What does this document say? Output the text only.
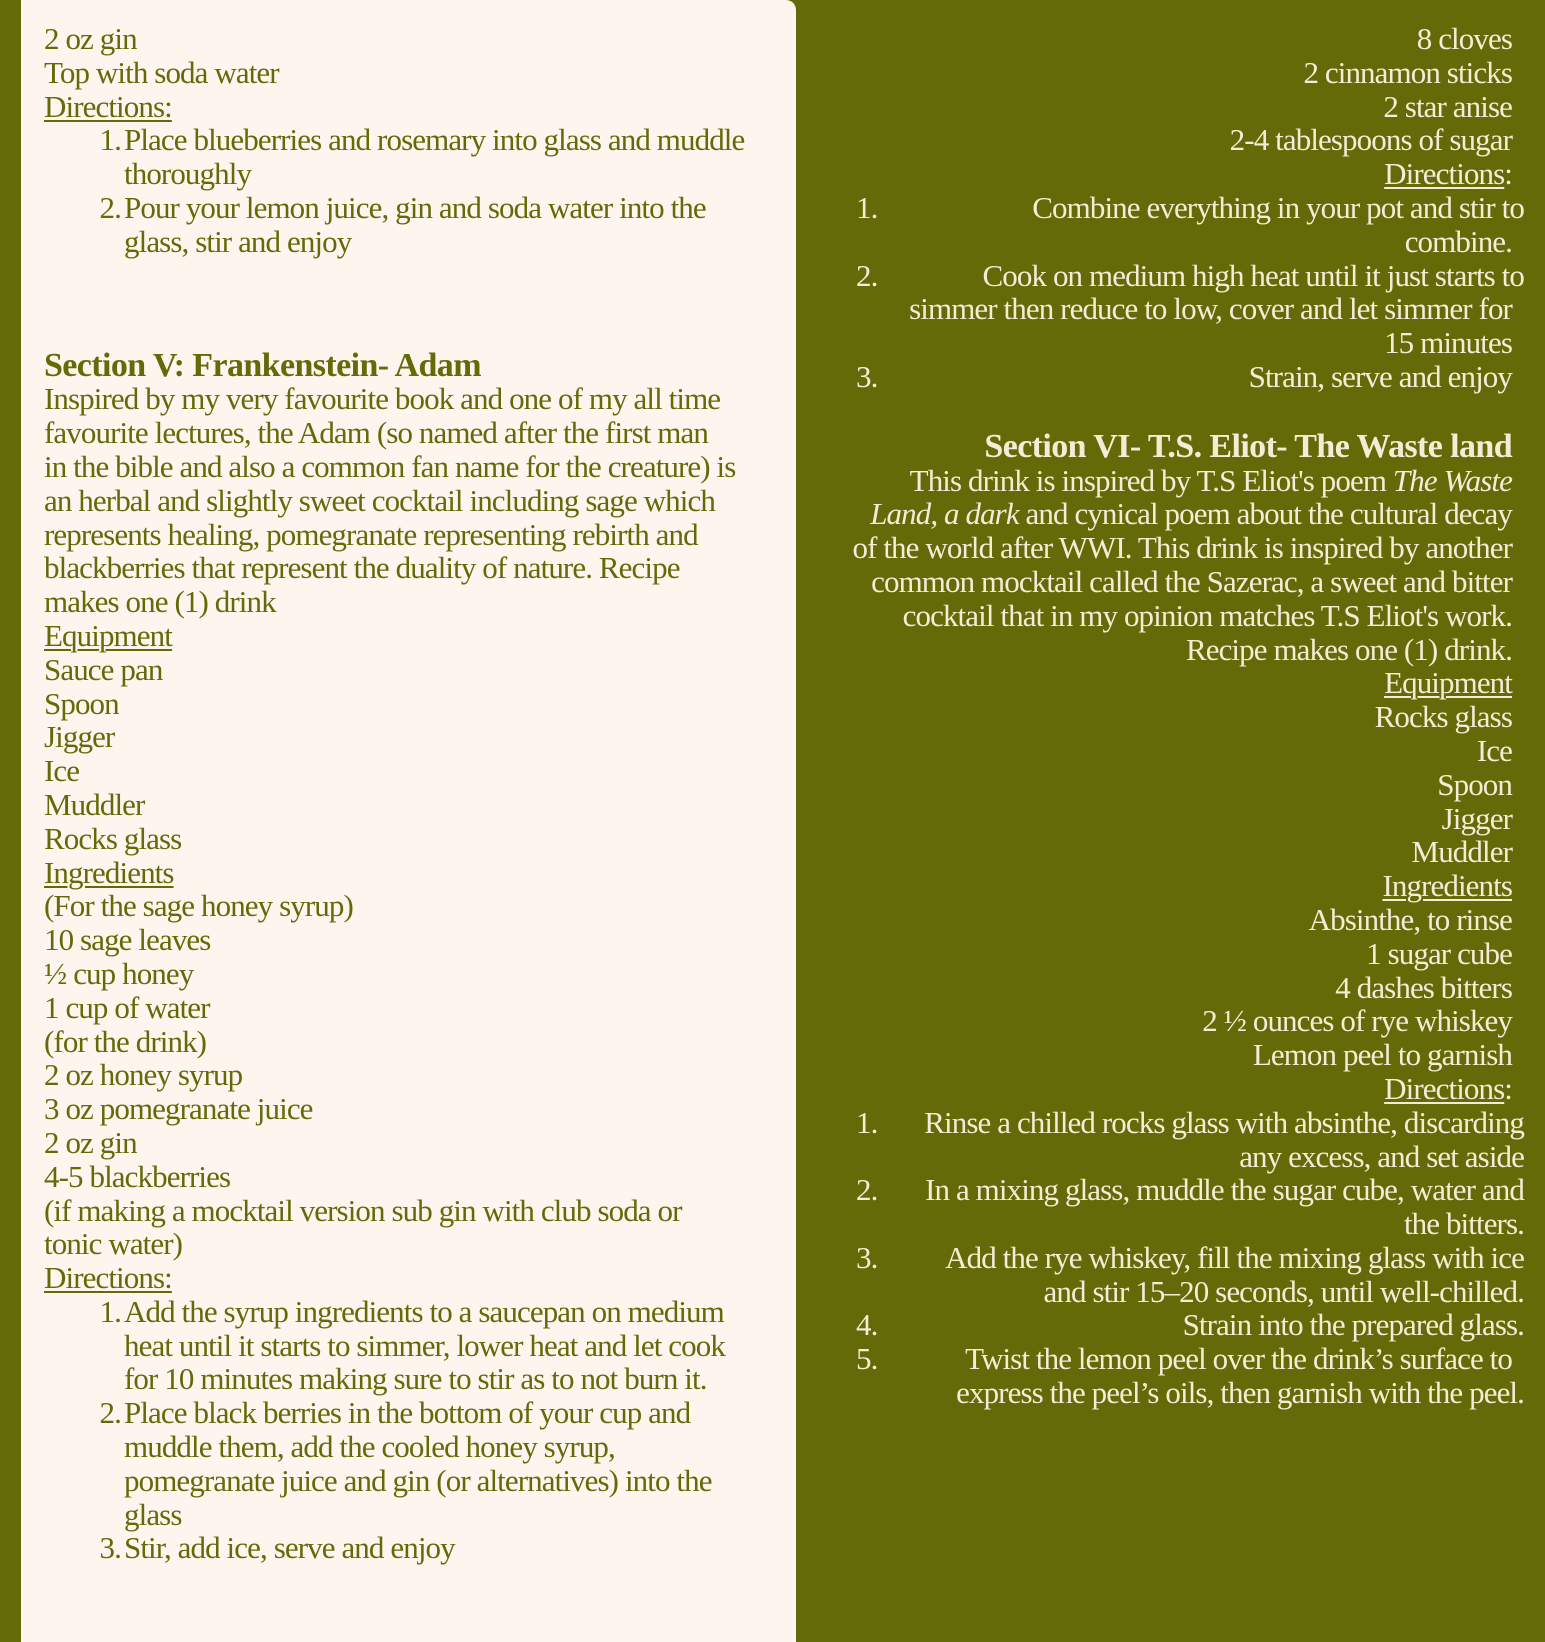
2 oz gin
Top with soda water
Directions:
1. Place blueberries and rosemary into glass and muddle
thoroughly
2. Pour your lemon juice, gin and soda water into the
glass, stir and enjoy
Section V: Frankenstein- Adam
Inspired by my very favourite book and one of my all time
favourite lectures, the Adam (so named after the first man
in the bible and also a common fan name for the creature) is
an herbal and slightly sweet cocktail including sage which
represents healing, pomegranate representing rebirth and
blackberries that represent the duality of nature. Recipe
makes one (1) drink
Equipment
Sauce pan
Spoon
Jigger
Ice
Muddler
Rocks glass
Ingredients
(For the sage honey syrup)
10 sage leaves
½ cup honey
1 cup of water
(for the drink)
2 oz honey syrup
3 oz pomegranate juice
2 oz gin
4-5 blackberries
(if making a mocktail version sub gin with club soda or
tonic water)
Directions:
1. Add the syrup ingredients to a saucepan on medium
heat until it starts to simmer, lower heat and let cook
for 10 minutes making sure to stir as to not burn it.
2. Place black berries in the bottom of your cup and
muddle them, add the cooled honey syrup,
pomegranate juice and gin (or alternatives) into the
glass
3. Stir, add ice, serve and enjoy
8 cloves
2 cinnamon sticks
2 star anise
2-4 tablespoons of sugar
Directions:
1.	Combine everything in your pot and stir to
combine.
2.	Cook on medium high heat until it just starts to
simmer then reduce to low, cover and let simmer for
15 minutes
3.	Strain, serve and enjoy
Section VI- T.S. Eliot- The Waste land
This drink is inspired by T.S Eliot's poem The Waste
Land, a dark and cynical poem about the cultural decay
of the world after WWI. This drink is inspired by another
common mocktail called the Sazerac, a sweet and bitter
cocktail that in my opinion matches T.S Eliot's work.
Recipe makes one (1) drink.
Equipment
Rocks glass
Ice
Spoon
Jigger
Muddler
Ingredients
Absinthe, to rinse
1 sugar cube
4 dashes bitters
2 ½ ounces of rye whiskey
Lemon peel to garnish
Directions:
1.	Rinse a chilled rocks glass with absinthe, discarding
any excess, and set aside
2.	In a mixing glass, muddle the sugar cube, water and
the bitters.
3.	Add the rye whiskey, fill the mixing glass with ice
and stir 15–20 seconds, until well-chilled.
4.	Strain into the prepared glass.
5.	Twist the lemon peel over the drink’s surface to
express the peel’s oils, then garnish with the peel.
